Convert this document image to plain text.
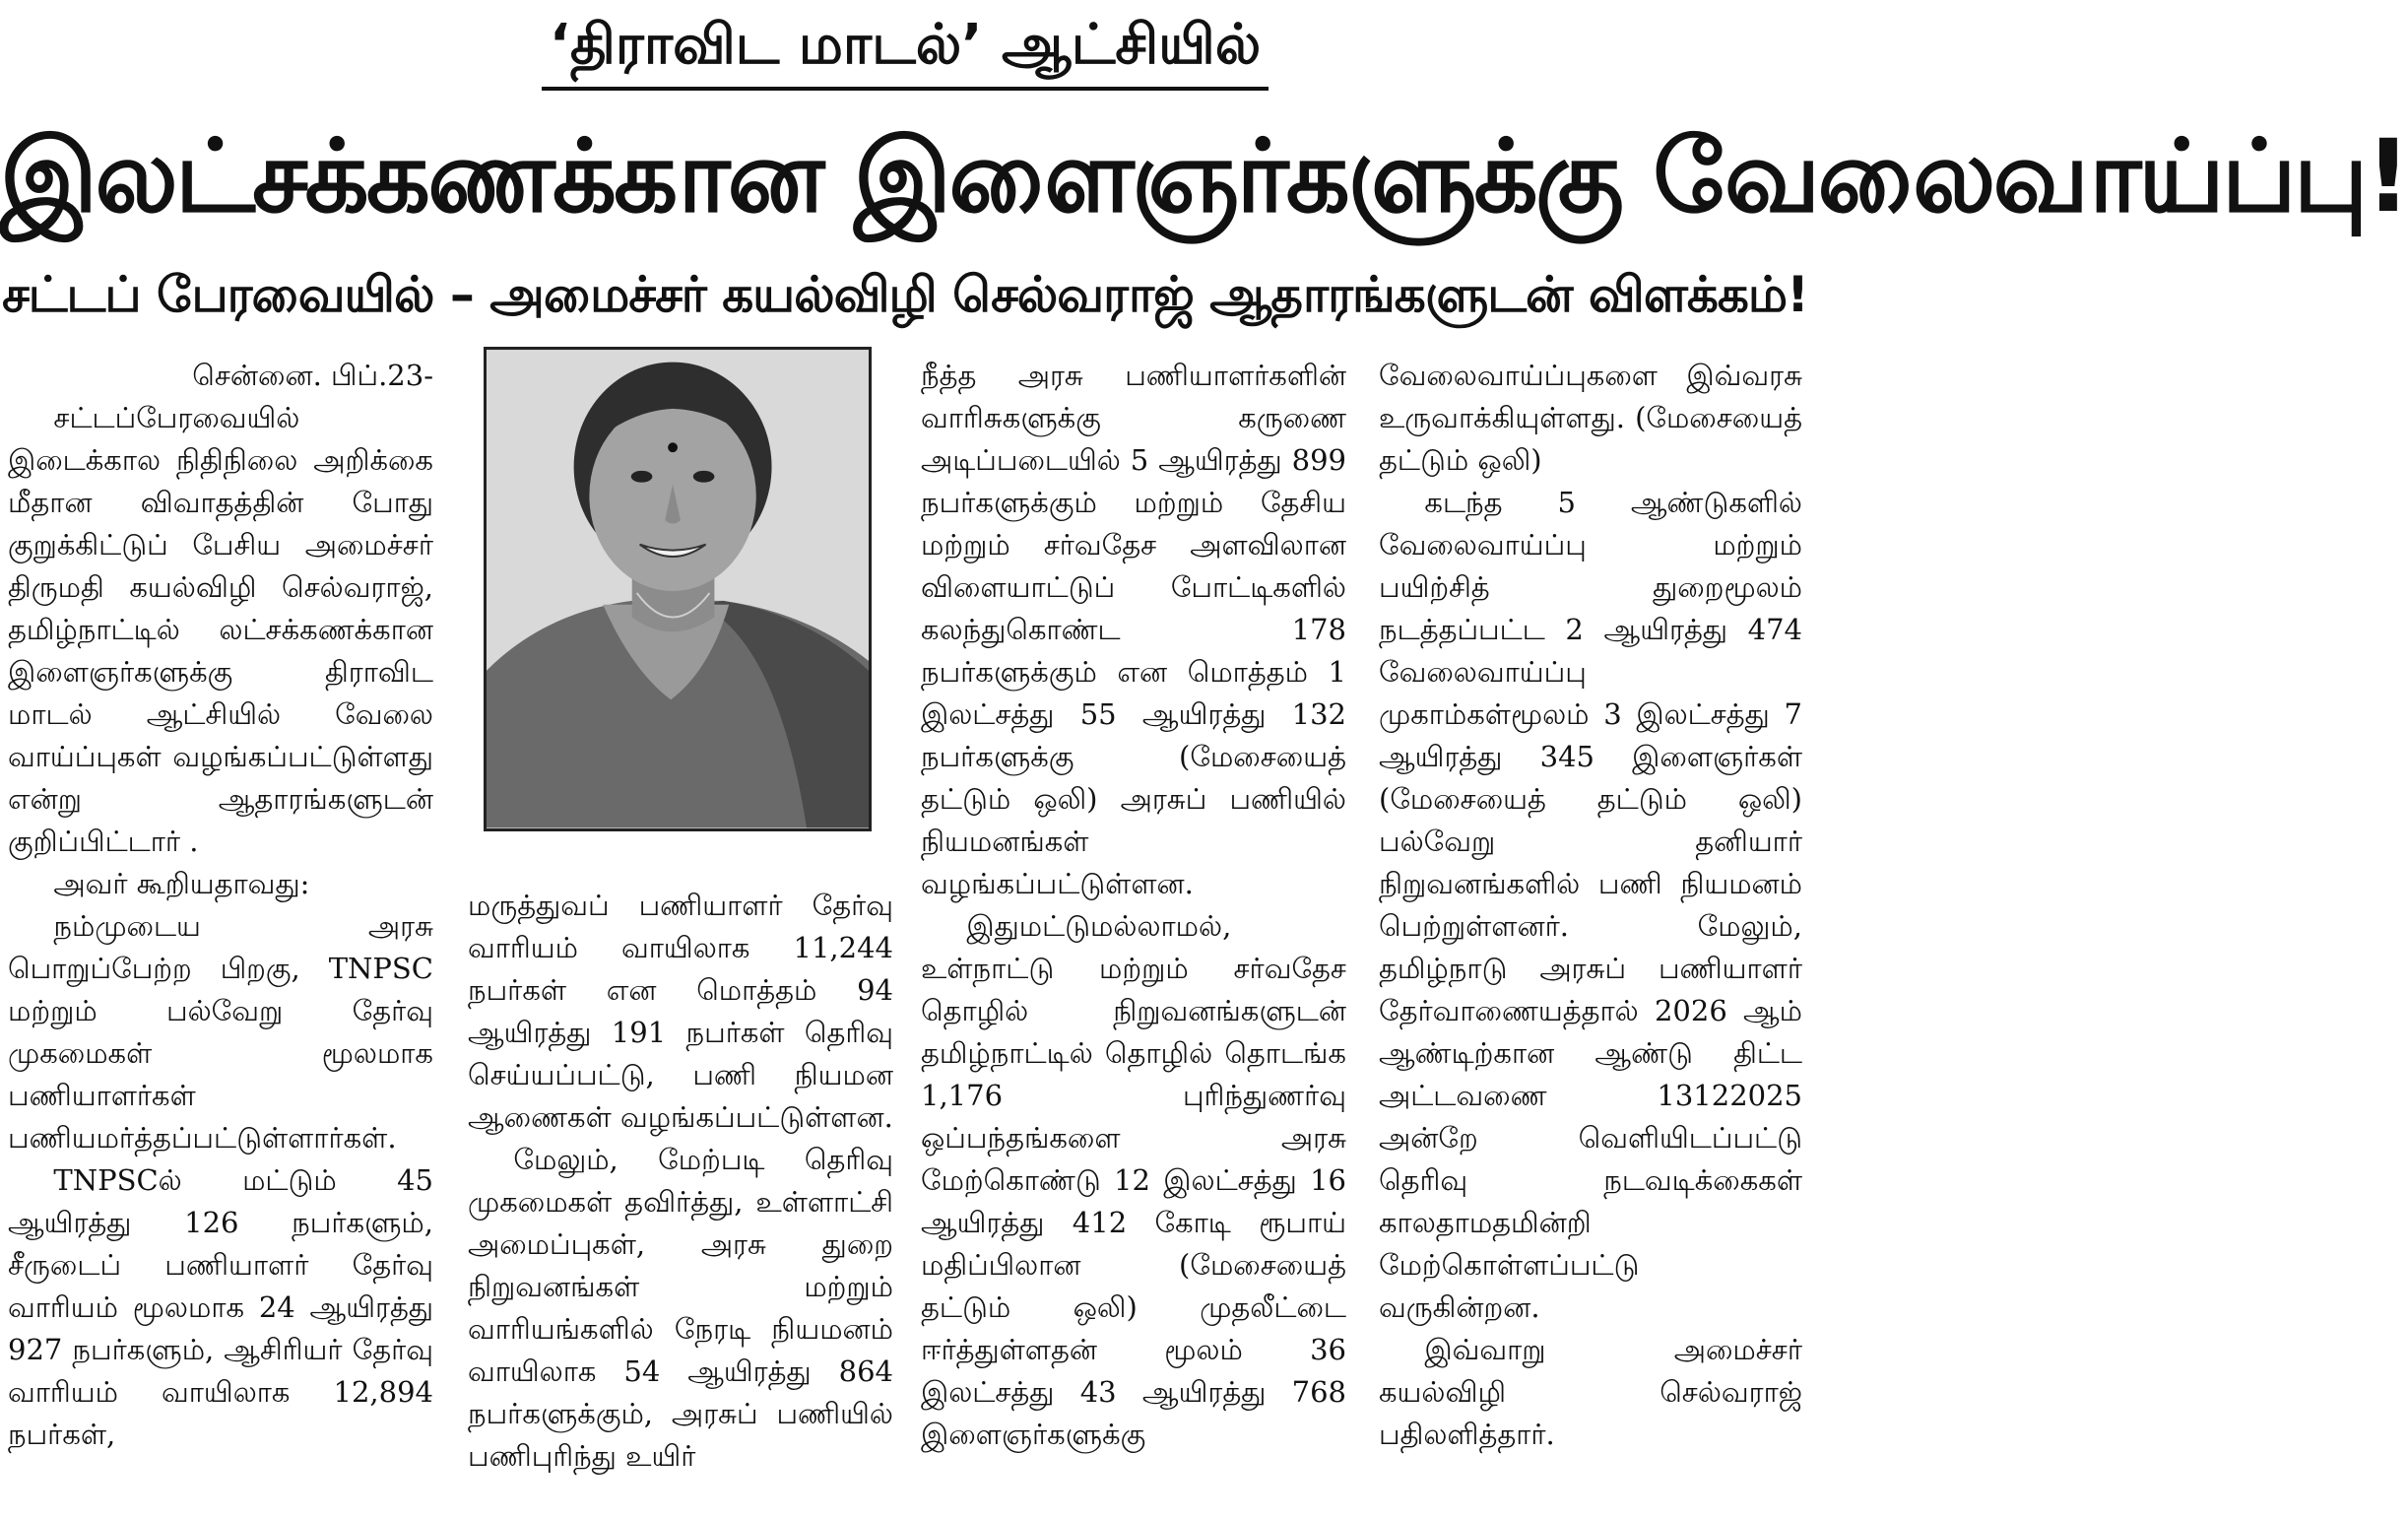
‘திராவிட மாடல்’ ஆட்சியில்
இலட்சக்கணக்கான இளைஞர்களுக்கு வேலைவாய்ப்பு!
சட்டப் பேரவையில் – அமைச்சர் கயல்விழி செல்வராஜ் ஆதாரங்களுடன் விளக்கம்!

சென்னை. பிப்.23-

சட்டப்பேரவையில் இடைக்கால நிதிநிலை அறிக்கை மீதான விவாதத்தின் போது குறுக்கிட்டுப் பேசிய அமைச்சர் திருமதி கயல்விழி செல்வராஜ், தமிழ்நாட்டில் லட்சக்கணக்கான இளைஞர்களுக்கு திராவிட மாடல் ஆட்சியில் வேலை வாய்ப்புகள் வழங்கப்பட்டுள்ளது என்று ஆதாரங்களுடன் குறிப்பிட்டார் .

அவர் கூறியதாவது:

நம்முடைய அரசு பொறுப்பேற்ற பிறகு, TNPSC மற்றும் பல்வேறு தேர்வு முகமைகள் மூலமாக பணியாளர்கள் பணியமர்த்தப்பட்டுள்ளார்கள்.

TNPSCல் மட்டும் 45 ஆயிரத்து 126 நபர்களும், சீருடைப் பணியாளர் தேர்வு வாரியம் மூலமாக 24 ஆயிரத்து 927 நபர்களும், ஆசிரியர் தேர்வு வாரியம் வாயிலாக 12,894 நபர்கள்,

மருத்துவப் பணியாளர் தேர்வு வாரியம் வாயிலாக 11,244 நபர்கள் என மொத்தம் 94 ஆயிரத்து 191 நபர்கள் தெரிவு செய்யப்பட்டு, பணி நியமன ஆணைகள் வழங்கப்பட்டுள்ளன.

மேலும், மேற்படி தெரிவு முகமைகள் தவிர்த்து, உள்ளாட்சி அமைப்புகள், அரசு துறை நிறுவனங்கள் மற்றும் வாரியங்களில் நேரடி நியமனம் வாயிலாக 54 ஆயிரத்து 864 நபர்களுக்கும், அரசுப் பணியில் பணிபுரிந்து உயிர்

நீத்த அரசு பணியாளர்களின் வாரிசுகளுக்கு கருணை அடிப்படையில் 5 ஆயிரத்து 899 நபர்களுக்கும் மற்றும் தேசிய மற்றும் சர்வதேச அளவிலான விளையாட்டுப் போட்டிகளில் கலந்துகொண்ட 178 நபர்களுக்கும் என மொத்தம் 1 இலட்சத்து 55 ஆயிரத்து 132 நபர்களுக்கு (மேசையைத் தட்டும் ஒலி) அரசுப் பணியில் நியமனங்கள் வழங்கப்பட்டுள்ளன.

இதுமட்டுமல்லாமல், உள்நாட்டு மற்றும் சர்வதேச தொழில் நிறுவனங்களுடன் தமிழ்நாட்டில் தொழில் தொடங்க 1,176 புரிந்துணர்வு ஒப்பந்தங்களை அரசு மேற்கொண்டு 12 இலட்சத்து 16 ஆயிரத்து 412 கோடி ரூபாய் மதிப்பிலான (மேசையைத் தட்டும் ஒலி) முதலீட்டை ஈர்த்துள்ளதன் மூலம் 36 இலட்சத்து 43 ஆயிரத்து 768 இளைஞர்களுக்கு

வேலைவாய்ப்புகளை இவ்வரசு உருவாக்கியுள்ளது. (மேசையைத் தட்டும் ஒலி)

கடந்த 5 ஆண்டுகளில் வேலைவாய்ப்பு மற்றும் பயிற்சித் துறைமூலம் நடத்தப்பட்ட 2 ஆயிரத்து 474 வேலைவாய்ப்பு முகாம்கள்மூலம் 3 இலட்சத்து 7 ஆயிரத்து 345 இளைஞர்கள் (மேசையைத் தட்டும் ஒலி) பல்வேறு தனியார் நிறுவனங்களில் பணி நியமனம் பெற்றுள்ளனர். மேலும், தமிழ்நாடு அரசுப் பணியாளர் தேர்வாணையத்தால் 2026 ஆம் ஆண்டிற்கான ஆண்டு திட்ட அட்டவணை 13122025 அன்றே வெளியிடப்பட்டு தெரிவு நடவடிக்கைகள் காலதாமதமின்றி மேற்கொள்ளப்பட்டு வருகின்றன.

இவ்வாறு அமைச்சர் கயல்விழி செல்வராஜ் பதிலளித்தார்.
